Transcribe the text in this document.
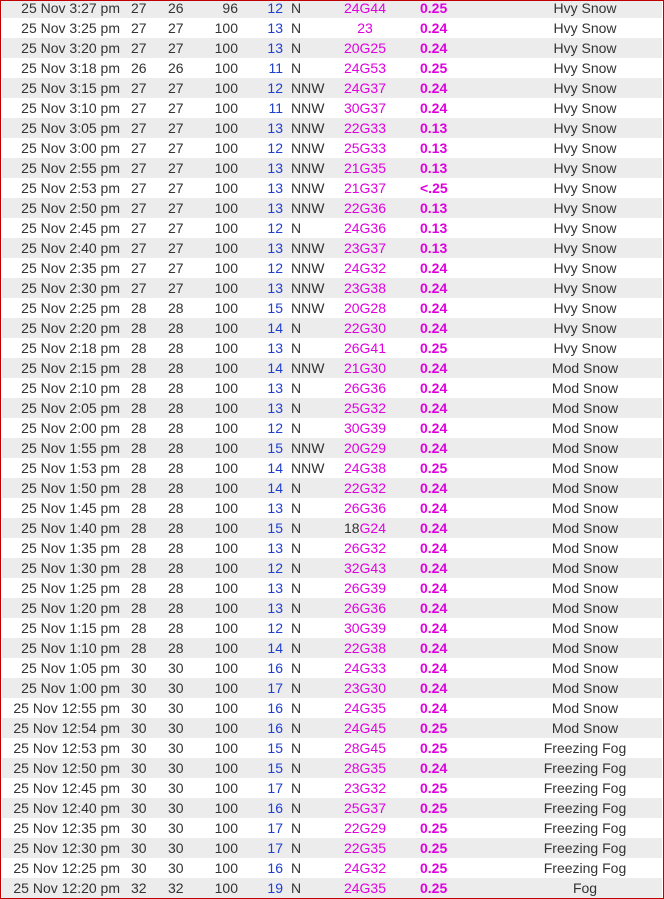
25 Nov 3:27 pm 27 26	96	12 N	24G44	0.25	Hvy Snow
25 Nov 3:25 pm 27 27	100	13 N	23	0.24	Hvy Snow
25 Nov 3:20 pm 27 27	100	13 N	20G25	0.24	Hvy Snow
25 Nov 3:18 pm 26 26	100	11 N	24G53	0.25	Hvy Snow
25 Nov 3:15 pm 27 27	100	12 NNW	24G37	0.24	Hvy Snow
25 Nov 3:10 pm 27 27	100	11 NNW	30G37	0.24	Hvy Snow
25 Nov 3:05 pm 27 27	100	13 NNW	22G33	0.13	Hvy Snow
25 Nov 3:00 pm 27 27	100	12 NNW	25G33	0.13	Hvy Snow
25 Nov 2:55 pm 27 27	100	13 NNW	21G35	0.13	Hvy Snow
25 Nov 2:53 pm 27 27	100	13 NNW	21G37	<.25	Hvy Snow
25 Nov 2:50 pm 27 27	100	13 NNW	22G36	0.13	Hvy Snow
25 Nov 2:45 pm 27 27	100	12 N	24G36	0.13	Hvy Snow
25 Nov 2:40 pm 27 27	100	13 NNW	23G37	0.13	Hvy Snow
25 Nov 2:35 pm 27 27	100	12 NNW	24G32	0.24	Hvy Snow
25 Nov 2:30 pm 27 27	100	13 NNW	23G38	0.24	Hvy Snow
25 Nov 2:25 pm 28 28	100	15 NNW	20G28	0.24	Hvy Snow
25 Nov 2:20 pm 28 28	100	14 N	22G30	0.24	Hvy Snow
25 Nov 2:18 pm 28 28	100	13 N	26G41	0.25	Hvy Snow
25 Nov 2:15 pm 28 28	100	14 NNW	21G30	0.24	Mod Snow
25 Nov 2:10 pm 28 28	100	13 N	26G36	0.24	Mod Snow
25 Nov 2:05 pm 28 28	100	13 N	25G32	0.24	Mod Snow
25 Nov 2:00 pm 28 28	100	12 N	30G39	0.24	Mod Snow
25 Nov 1:55 pm 28 28	100	15 NNW	20G29	0.24	Mod Snow
25 Nov 1:53 pm 28 28	100	14 NNW	24G38	0.25	Mod Snow
25 Nov 1:50 pm 28 28	100	14 N	22G32	0.24	Mod Snow
25 Nov 1:45 pm 28 28	100	13 N	26G36	0.24	Mod Snow
25 Nov 1:40 pm 28 28	100	15 N	18G24	0.24	Mod Snow
25 Nov 1:35 pm 28 28	100	13 N	26G32	0.24	Mod Snow
25 Nov 1:30 pm 28 28	100	12 N	32G43	0.24	Mod Snow
25 Nov 1:25 pm 28 28	100	13 N	26G39	0.24	Mod Snow
25 Nov 1:20 pm 28 28	100	13 N	26G36	0.24	Mod Snow
25 Nov 1:15 pm 28 28	100	12 N	30G39	0.24	Mod Snow
25 Nov 1:10 pm 28 28	100	14 N	22G38	0.24	Mod Snow
25 Nov 1:05 pm 30 30	100	16 N	24G33	0.24	Mod Snow
25 Nov 1:00 pm 30 30	100	17 N	23G30	0.24	Mod Snow
25 Nov 12:55 pm 30 30	100	16 N	24G35	0.24	Mod Snow
25 Nov 12:54 pm 30 30	100	16 N	24G45	0.25	Mod Snow
25 Nov 12:53 pm 30 30	100	15 N	28G45	0.25	Freezing Fog
25 Nov 12:50 pm 30 30	100	15 N	28G35	0.24	Freezing Fog
25 Nov 12:45 pm 30 30	100	17 N	23G32	0.25	Freezing Fog
25 Nov 12:40 pm 30 30	100	16 N	25G37	0.25	Freezing Fog
25 Nov 12:35 pm 30 30	100	17 N	22G29	0.25	Freezing Fog
25 Nov 12:30 pm 30 30	100	17 N	22G35	0.25	Freezing Fog
25 Nov 12:25 pm 30 30	100	16 N	24G32	0.25	Freezing Fog
25 Nov 12:20 pm 32 32	100	19 N	24G35	0.25	Fog
